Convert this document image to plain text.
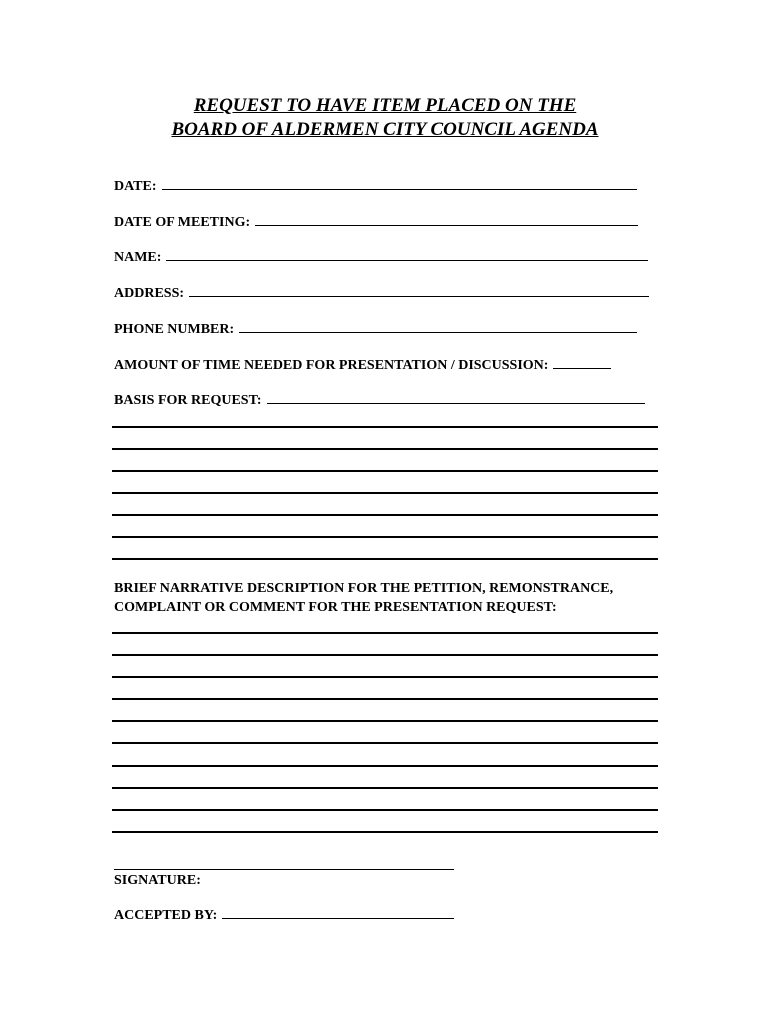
REQUEST TO HAVE ITEM PLACED ON THE
BOARD OF ALDERMEN CITY COUNCIL AGENDA
DATE:
DATE OF MEETING:
NAME:
ADDRESS:
PHONE NUMBER:
AMOUNT OF TIME NEEDED FOR PRESENTATION / DISCUSSION:
BASIS FOR REQUEST:
BRIEF NARRATIVE DESCRIPTION FOR THE PETITION, REMONSTRANCE,
COMPLAINT OR COMMENT FOR THE PRESENTATION REQUEST:
SIGNATURE:
ACCEPTED BY:
